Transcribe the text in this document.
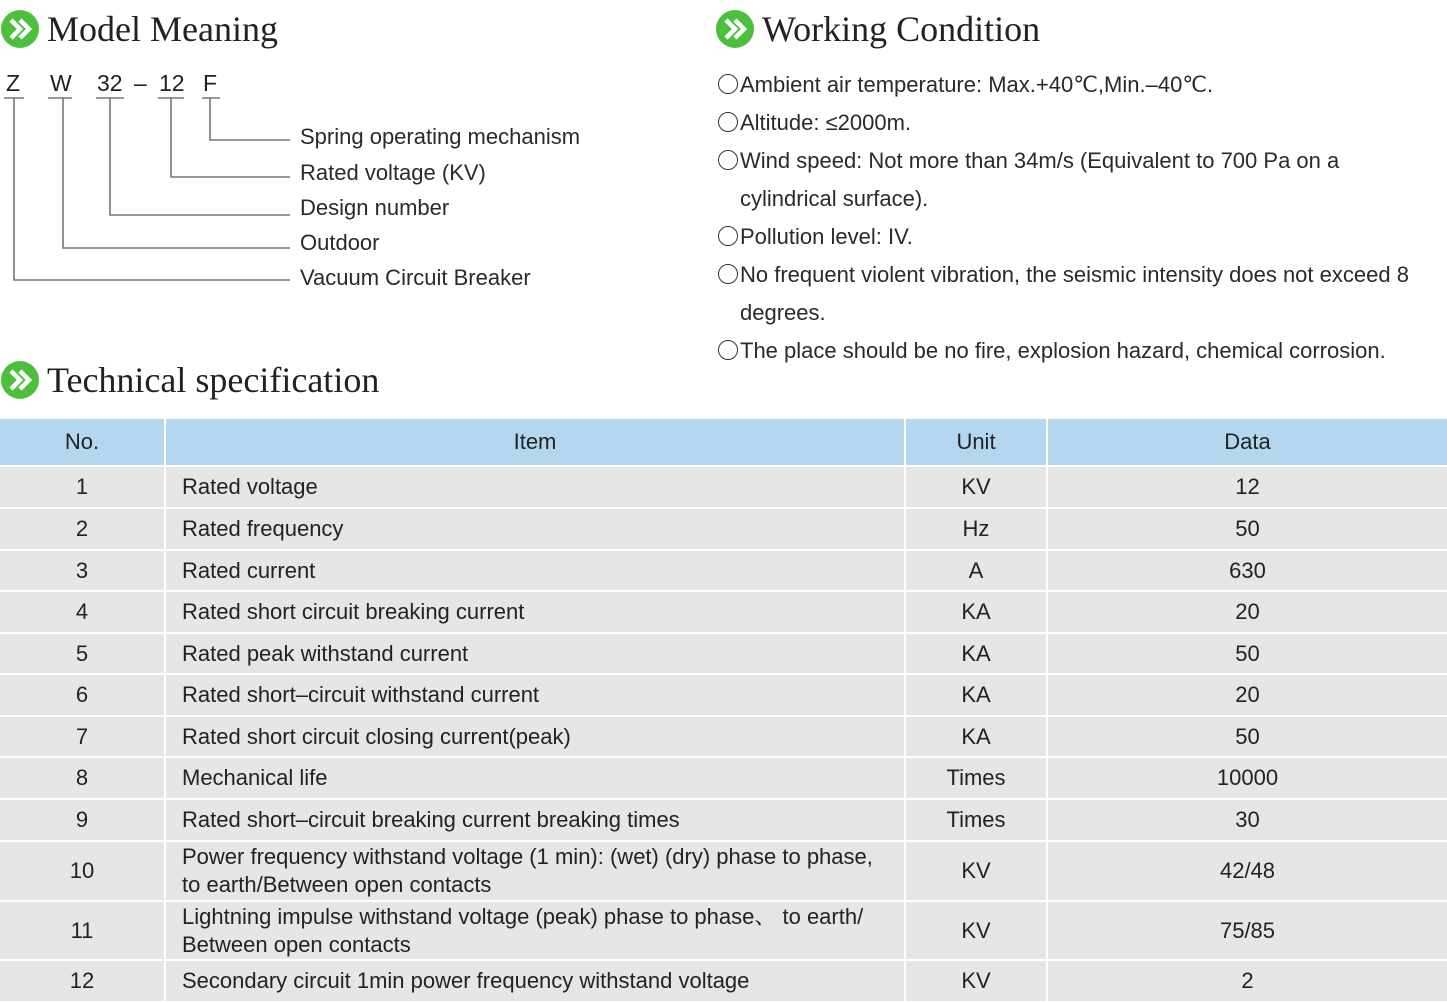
Model Meaning
Z W 32 – 12 F
Spring operating mechanism
Rated voltage (KV)
Design number
Outdoor
Vacuum Circuit Breaker
Working Condition
Ambient air temperature: Max.+40℃,Min.–40℃.
Altitude: ≤2000m.
Wind speed: Not more than 34m/s (Equivalent to 700 Pa on a cylindrical surface).
Pollution level: IV.
No frequent violent vibration, the seismic intensity does not exceed 8 degrees.
The place should be no fire, explosion hazard, chemical corrosion.
Technical specification
No.	Item	Unit	Data
1	Rated voltage	KV	12
2	Rated frequency	Hz	50
3	Rated current	A	630
4	Rated short circuit breaking current	KA	20
5	Rated peak withstand current	KA	50
6	Rated short–circuit withstand current	KA	20
7	Rated short circuit closing current(peak)	KA	50
8	Mechanical life	Times	10000
9	Rated short–circuit breaking current breaking times	Times	30
10	Power frequency withstand voltage (1 min): (wet) (dry) phase to phase, to earth/Between open contacts	KV	42/48
11	Lightning impulse withstand voltage (peak) phase to phase、 to earth/ Between open contacts	KV	75/85
12	Secondary circuit 1min power frequency withstand voltage	KV	2
